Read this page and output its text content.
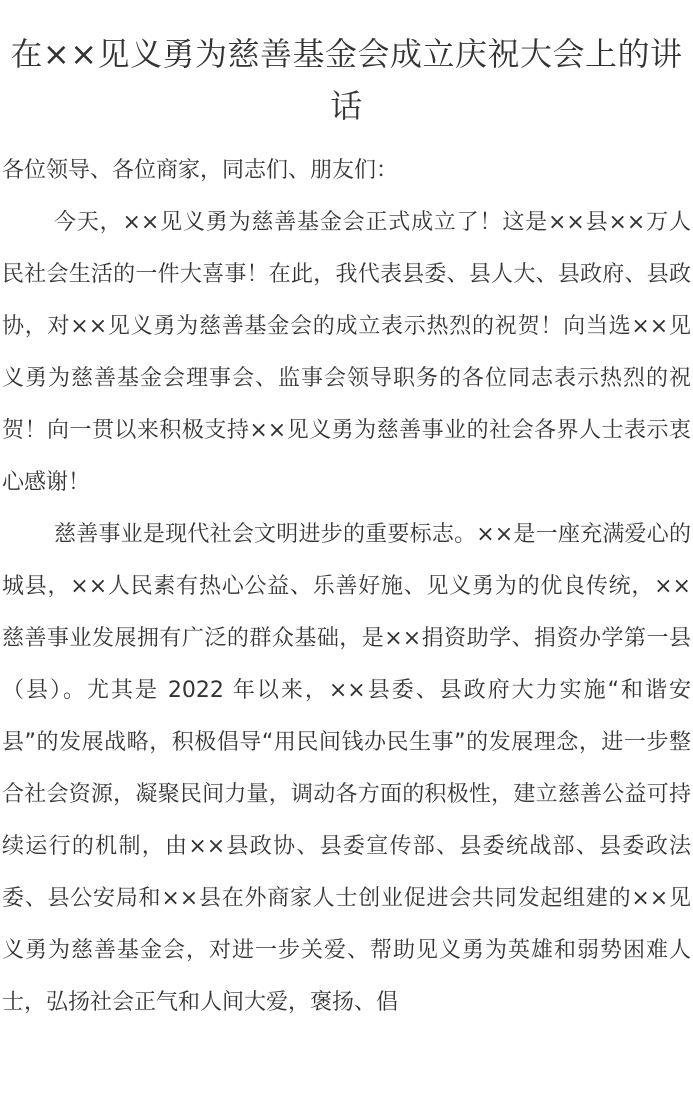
在××见义勇为慈善基金会成立庆祝大会上的讲话

各位领导、各位商家，同志们、朋友们：

今天，××见义勇为慈善基金会正式成立了！这是××县××万人民社会生活的一件大喜事！在此，我代表县委、县人大、县政府、县政协，对××见义勇为慈善基金会的成立表示热烈的祝贺！向当选××见义勇为慈善基金会理事会、监事会领导职务的各位同志表示热烈的祝贺！向一贯以来积极支持××见义勇为慈善事业的社会各界人士表示衷心感谢！

慈善事业是现代社会文明进步的重要标志。××是一座充满爱心的城县，××人民素有热心公益、乐善好施、见义勇为的优良传统，××慈善事业发展拥有广泛的群众基础，是××捐资助学、捐资办学第一县（县）。尤其是 2022 年以来，××县委、县政府大力实施“和谐安县”的发展战略，积极倡导“用民间钱办民生事”的发展理念，进一步整合社会资源，凝聚民间力量，调动各方面的积极性，建立慈善公益可持续运行的机制，由××县政协、县委宣传部、县委统战部、县委政法委、县公安局和××县在外商家人士创业促进会共同发起组建的××见义勇为慈善基金会，对进一步关爱、帮助见义勇为英雄和弱势困难人士，弘扬社会正气和人间大爱，褒扬、倡
